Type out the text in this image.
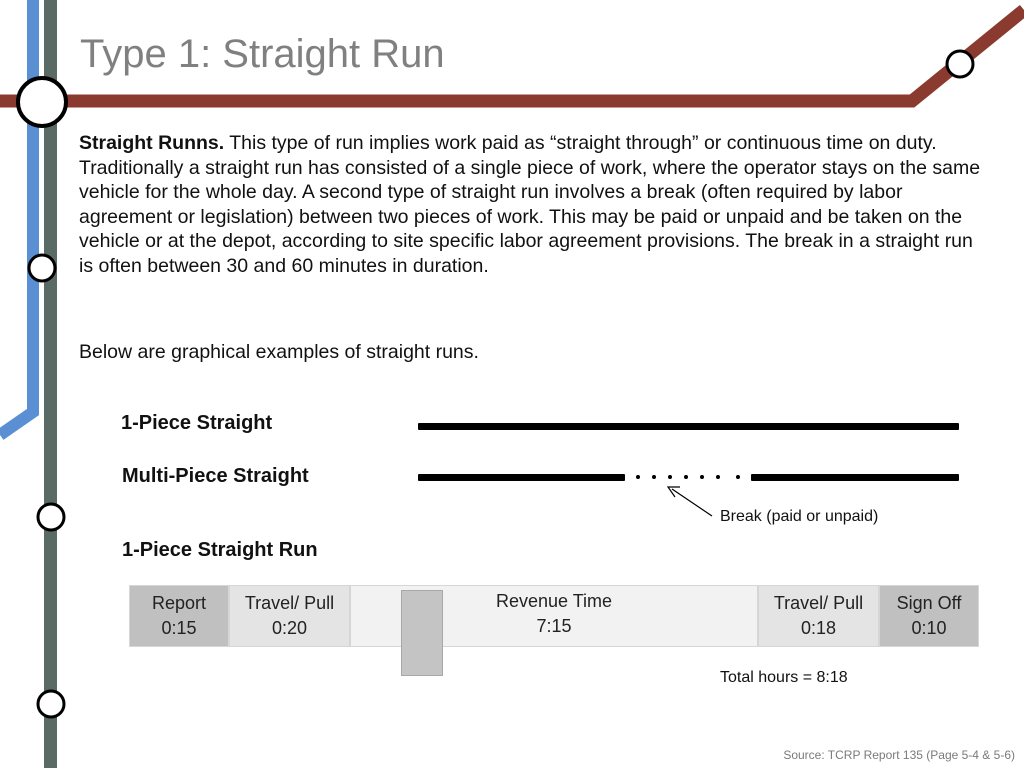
Type 1: Straight Run
Straight Runns. This type of run implies work paid as “straight through” or continuous time on duty. Traditionally a straight run has consisted of a single piece of work, where the operator stays on the same vehicle for the whole day. A second type of straight run involves a break (often required by labor agreement or legislation) between two pieces of work. This may be paid or unpaid and be taken on the vehicle or at the depot, according to site specific labor agreement provisions. The break in a straight run is often between 30 and 60 minutes in duration.
Below are graphical examples of straight runs.
1-Piece Straight
Multi-Piece Straight
Break (paid or unpaid)
1-Piece Straight Run
Report
0:15
Travel/ Pull
0:20
Revenue Time
7:15
Travel/ Pull
0:18
Sign Off
0:10
Total hours = 8:18
Source: TCRP Report 135 (Page 5-4 & 5-6)
